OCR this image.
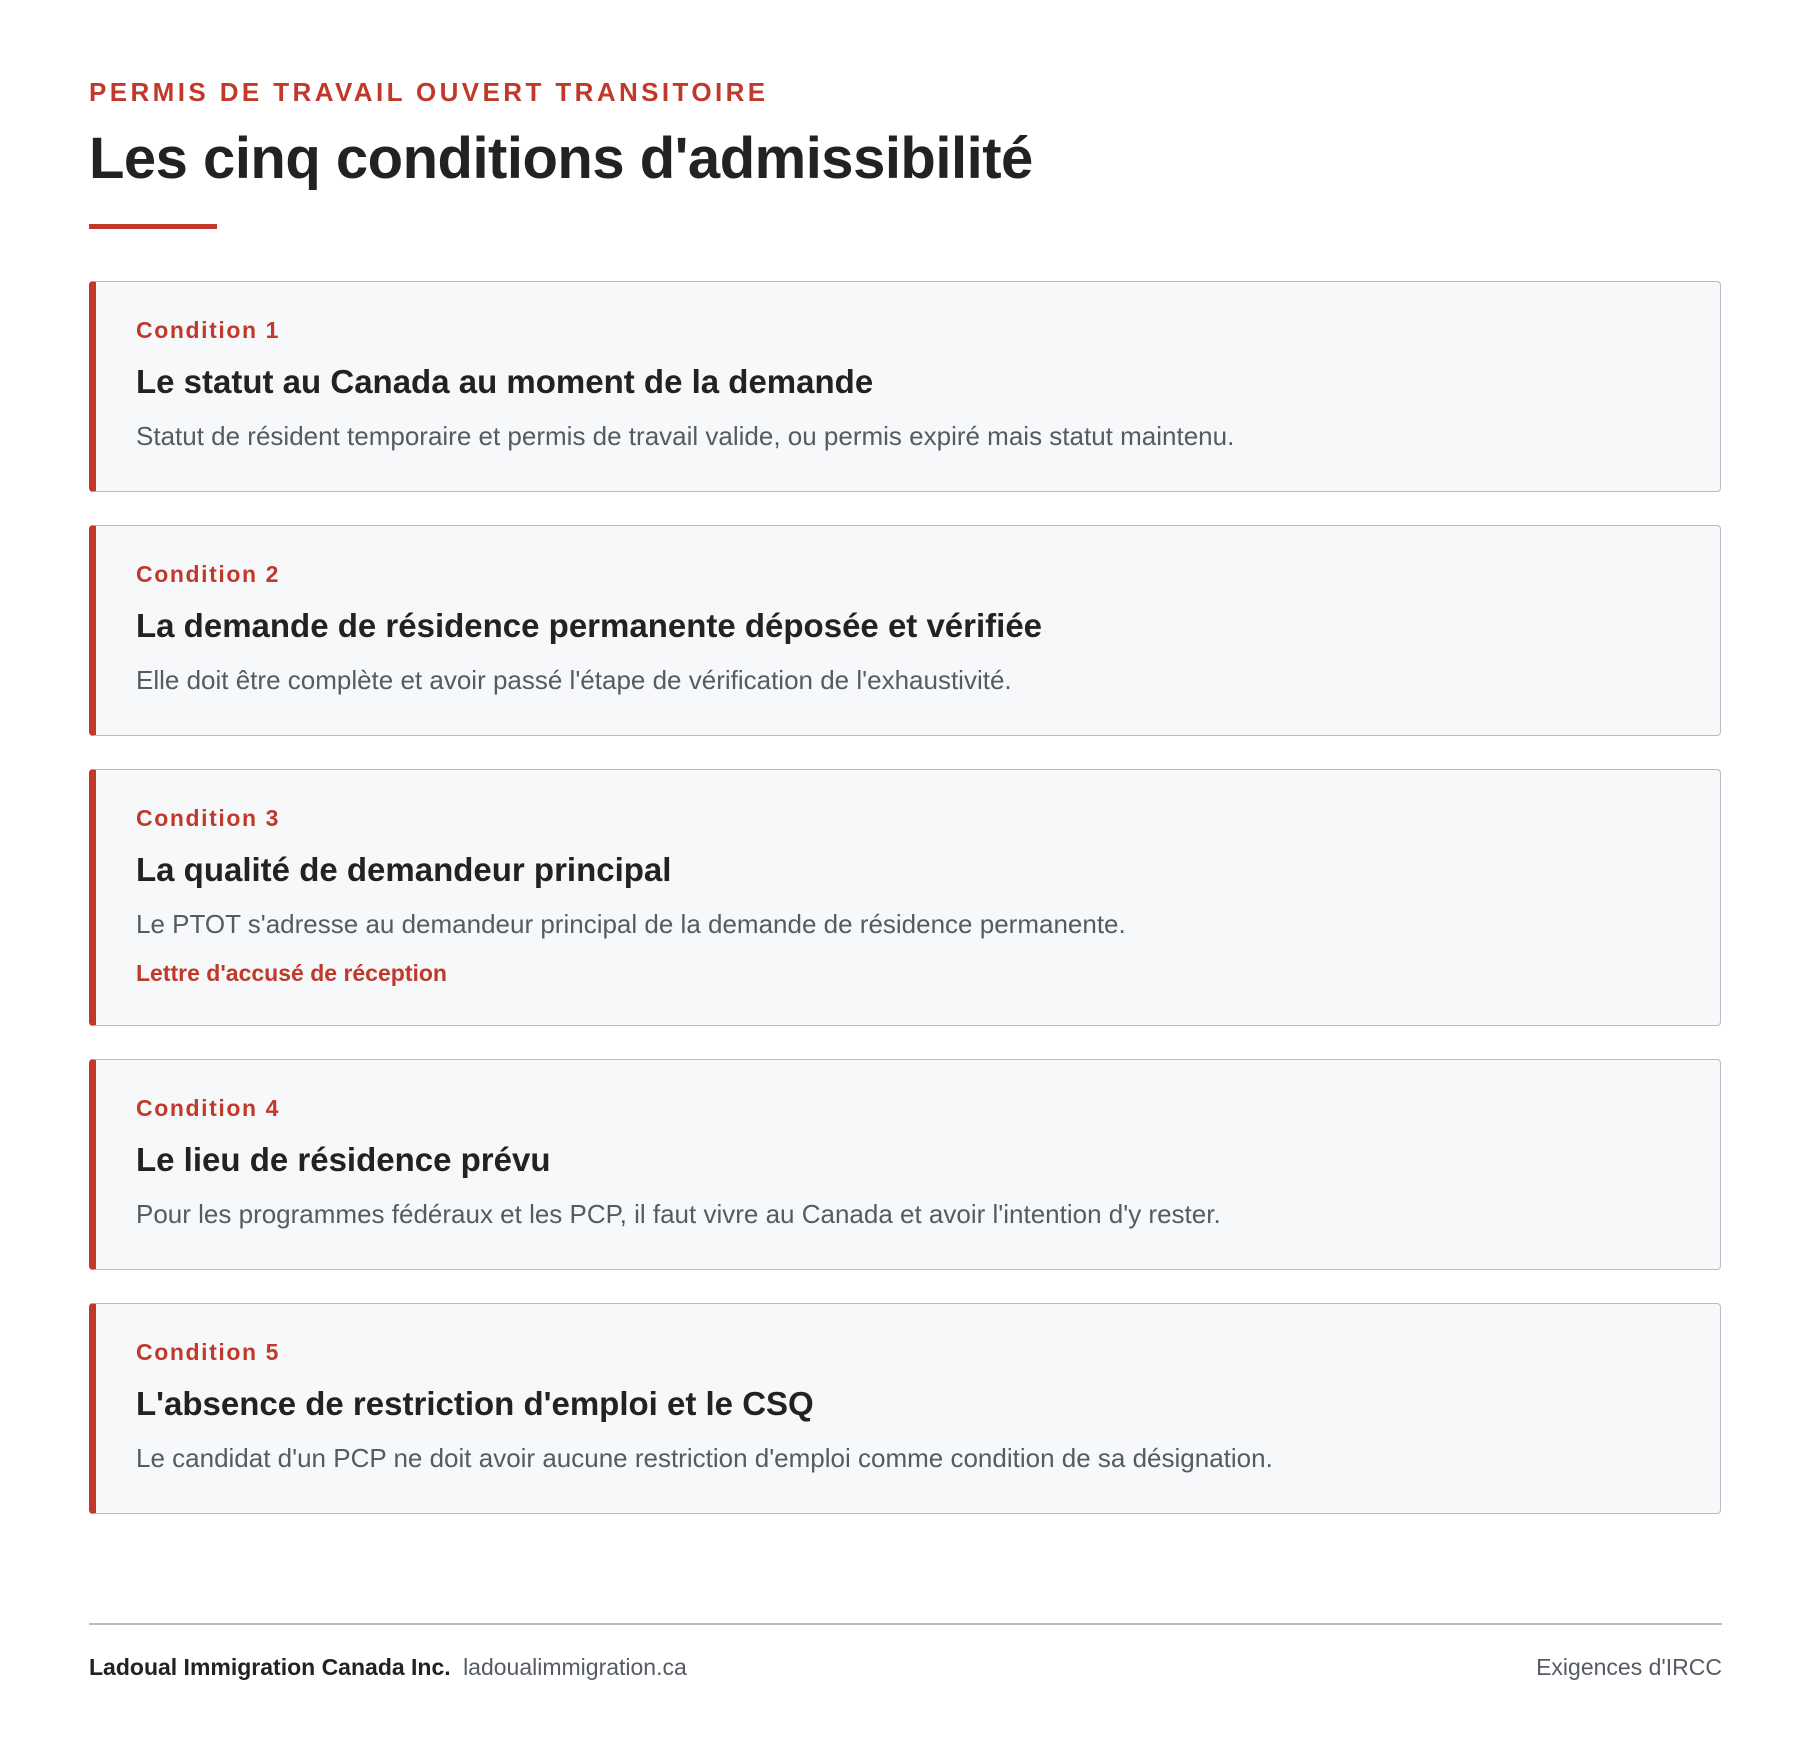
PERMIS DE TRAVAIL OUVERT TRANSITOIRE

Les cinq conditions d'admissibilité

Condition 1

Le statut au Canada au moment de la demande

Statut de résident temporaire et permis de travail valide, ou permis expiré mais statut maintenu.

Condition 2

La demande de résidence permanente déposée et vérifiée

Elle doit être complète et avoir passé l'étape de vérification de l'exhaustivité.

Condition 3

La qualité de demandeur principal

Le PTOT s'adresse au demandeur principal de la demande de résidence permanente.

Lettre d'accusé de réception

Condition 4

Le lieu de résidence prévu

Pour les programmes fédéraux et les PCP, il faut vivre au Canada et avoir l'intention d'y rester.

Condition 5

L'absence de restriction d'emploi et le CSQ

Le candidat d'un PCP ne doit avoir aucune restriction d'emploi comme condition de sa désignation.

Ladoual Immigration Canada Inc. ladoualimmigration.ca	Exigences d'IRCC
